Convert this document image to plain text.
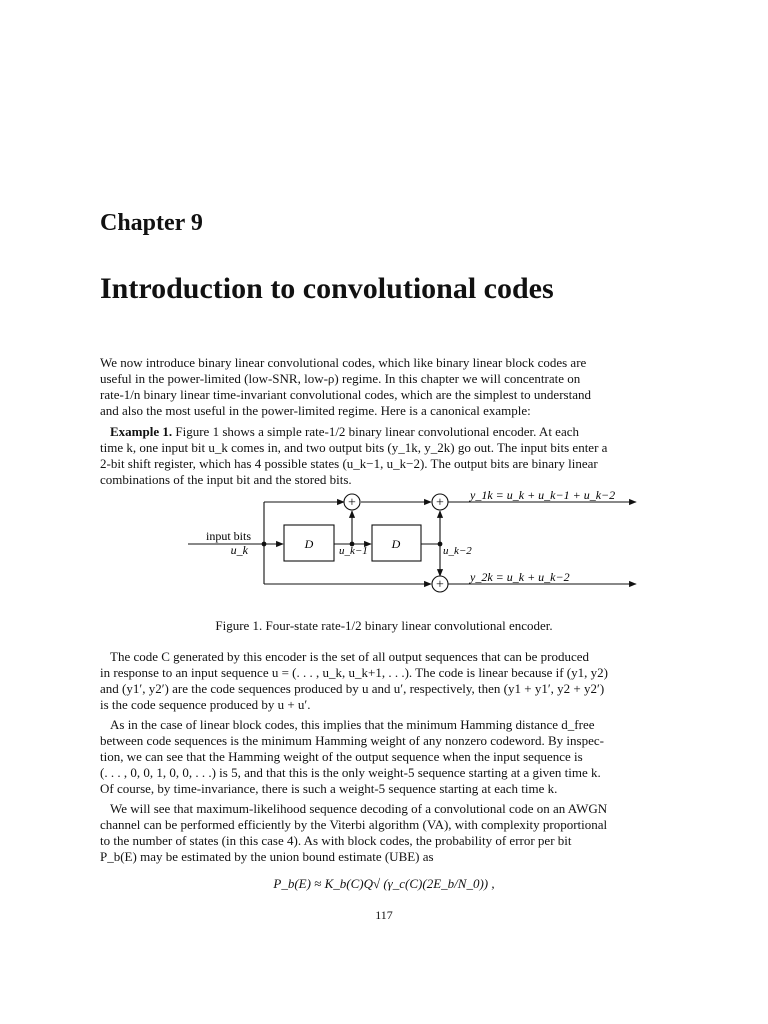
Chapter 9
Introduction to convolutional codes
We now introduce binary linear convolutional codes, which like binary linear block codes are
useful in the power-limited (low-SNR, low-ρ) regime. In this chapter we will concentrate on
rate-1/n binary linear time-invariant convolutional codes, which are the simplest to understand
and also the most useful in the power-limited regime. Here is a canonical example:
Example 1. Figure 1 shows a simple rate-1/2 binary linear convolutional encoder. At each
time k, one input bit u_k comes in, and two output bits (y_1k, y_2k) go out. The input bits enter a
2-bit shift register, which has 4 possible states (u_k−1, u_k−2). The output bits are binary linear
combinations of the input bit and the stored bits.
+	+
+
input bits
u_k	D	D
u_k−1	u_k−2
y_1k = u_k + u_k−1 + u_k−2
y_2k = u_k + u_k−2
Figure 1. Four-state rate-1/2 binary linear convolutional encoder.
The code C generated by this encoder is the set of all output sequences that can be produced
in response to an input sequence u = (. . . , u_k, u_k+1, . . .). The code is linear because if (y1, y2)
and (y1′, y2′) are the code sequences produced by u and u′, respectively, then (y1 + y1′, y2 + y2′)
is the code sequence produced by u + u′.
As in the case of linear block codes, this implies that the minimum Hamming distance d_free
between code sequences is the minimum Hamming weight of any nonzero codeword. By inspec-
tion, we can see that the Hamming weight of the output sequence when the input sequence is
(. . . , 0, 0, 1, 0, 0, . . .) is 5, and that this is the only weight-5 sequence starting at a given time k.
Of course, by time-invariance, there is such a weight-5 sequence starting at each time k.
We will see that maximum-likelihood sequence decoding of a convolutional code on an AWGN
channel can be performed efficiently by the Viterbi algorithm (VA), with complexity proportional
to the number of states (in this case 4). As with block codes, the probability of error per bit
P_b(E) may be estimated by the union bound estimate (UBE) as
P_b(E) ≈ K_b(C)Q√ (γ_c(C)(2E_b/N_0)) ,
117
